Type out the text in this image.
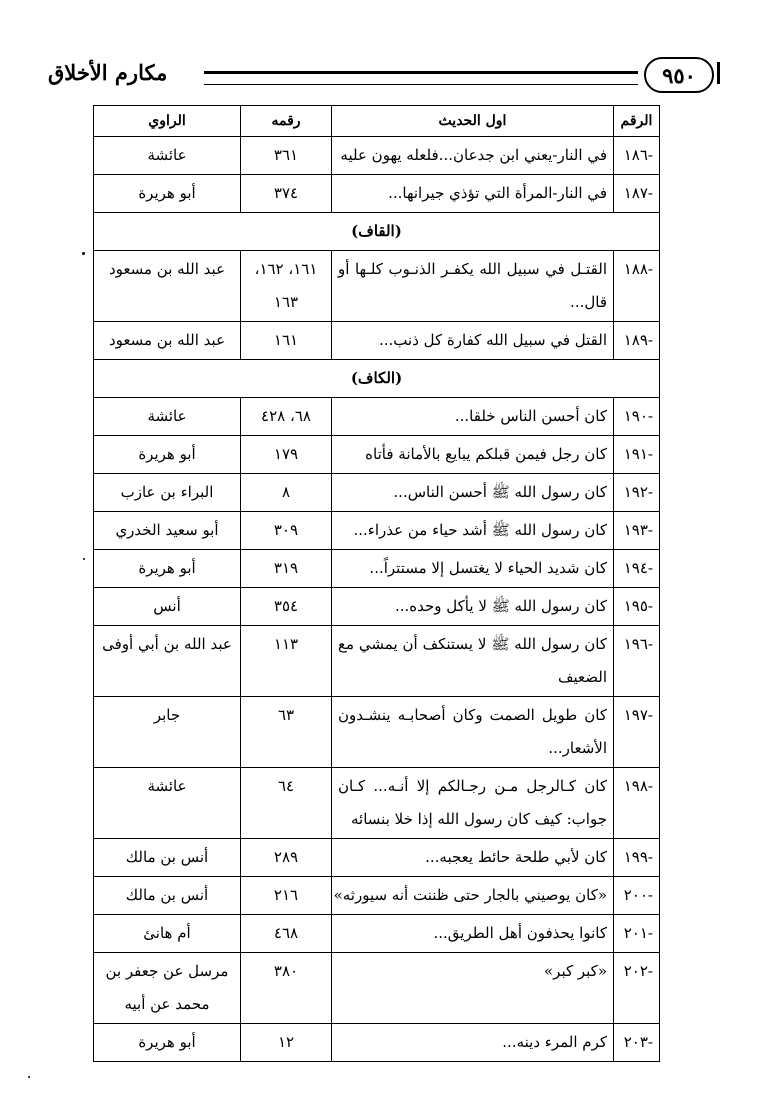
مكارم الأخلاق	٩٥٠
الرقم	اول الحديث	رقمه	الراوي
-١٨٦	في النار-يعني ابن جدعان...فلعله يهون عليه	٣٦١	عائشة
-١٨٧	في النار-المرأة التي تؤذي جيرانها...	٣٧٤	أبو هريرة
(القاف)			
-١٨٨	القتـل في سبيل الله يكفـر الذنـوب كلـها أو قال...	١٦١، ١٦٢، ١٦٣	عبد الله بن مسعود
-١٨٩	القتل في سبيل الله كفارة كل ذنب...	١٦١	عبد الله بن مسعود
(الكاف)			
-١٩٠	كان أحسن الناس خلقا...	٦٨، ٤٢٨	عائشة
-١٩١	كان رجل فيمن قبلكم يبايع بالأمانة فأتاه	١٧٩	أبو هريرة
-١٩٢	كان رسول الله ﷺ أحسن الناس...	٨	البراء بن عازب
-١٩٣	كان رسول الله ﷺ أشد حياء من عذراء...	٣٠٩	أبو سعيد الخدري
-١٩٤	كان شديد الحياء لا يغتسل إلا مستتراً...	٣١٩	أبو هريرة
-١٩٥	كان رسول الله ﷺ لا يأكل وحده...	٣٥٤	أنس
-١٩٦	كان رسول الله ﷺ لا يستنكف أن يمشي مع الضعيف	١١٣	عبد الله بن أبي أوفى
-١٩٧	كان طويل الصمت وكان أصحابـه ينشـدون الأشعار...	٦٣	جابر
-١٩٨	كان كـالرجل مـن رجـالكم إلا أنـه... كـان جواب: كيف كان رسول الله إذا خلا بنسائه	٦٤	عائشة
-١٩٩	كان لأبي طلحة حائط يعجبه...	٢٨٩	أنس بن مالك
-٢٠٠	«كان يوصيني بالجار حتى ظننت أنه سيورثه»	٢١٦	أنس بن مالك
-٢٠١	كانوا يحذفون أهل الطريق...	٤٦٨	أم هانئ
-٢٠٢	«كبر كبر»	٣٨٠	مرسل عن جعفر بن محمد عن أبيه
-٢٠٣	كرم المرء دينه...	١٢	أبو هريرة
